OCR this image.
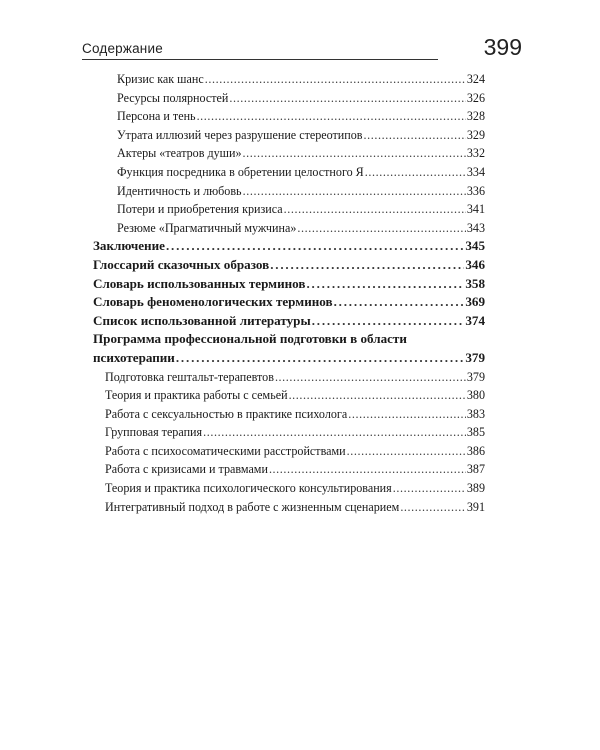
Содержание	399
Кризис как шанс .....	324
Ресурсы полярностей .....	326
Персона и тень .....	328
Утрата иллюзий через разрушение стереотипов .....	329
Актеры «театров души» .....	332
Функция посредника в обретении целостного Я .....	334
Идентичность и любовь .....	336
Потери и приобретения кризиса .....	341
Резюме «Прагматичный мужчина» .....	343
Заключение .....	345
Глоссарий сказочных образов .....	346
Словарь использованных терминов .....	358
Словарь феноменологических терминов .....	369
Список использованной литературы .....	374
Программа профессиональной подготовки в области
психотерапии .....	379
Подготовка гештальт-терапевтов .....	379
Теория и практика работы с семьей .....	380
Работа с сексуальностью в практике психолога .....	383
Групповая терапия .....	385
Работа с психосоматическими расстройствами .....	386
Работа с кризисами и травмами .....	387
Теория и практика психологического консультирования .....	389
Интегративный подход в работе с жизненным сценарием .....	391
